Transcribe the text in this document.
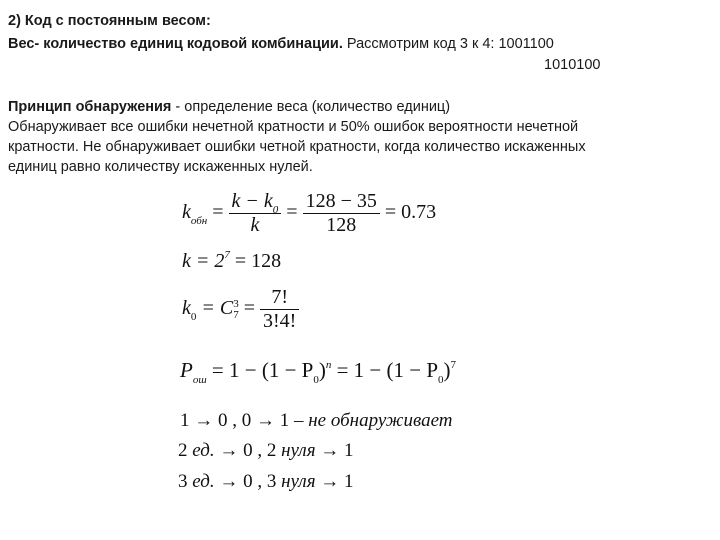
2) Код с постоянным весом:
Вес- количество единиц кодовой комбинации. Рассмотрим код 3 к 4: 1001100
1010100
Принцип обнаружения - определение веса (количество единиц)
Обнаруживает все ошибки нечетной кратности и 50% ошибок вероятности нечетной
кратности. Не обнаруживает ошибки четной кратности, когда количество искаженных
единиц равно количеству искаженных нулей.
$k_{обн} = \frac{k - k_0}{k} = \frac{128 - 35}{128} = 0.73$
$k = 2^7 = 128$
$k_0 = C$ 3
$7 = \frac{7!}{3!4!}$
$P_{ош} = 1 - (1 - P_0)^n = 1 - (1 - P_0)^7$
1 → 0 , 0 → 1 – не обнаруживает
2 ед. → 0 , 2 нуля → 1
3 ед. → 0 , 3 нуля → 1
